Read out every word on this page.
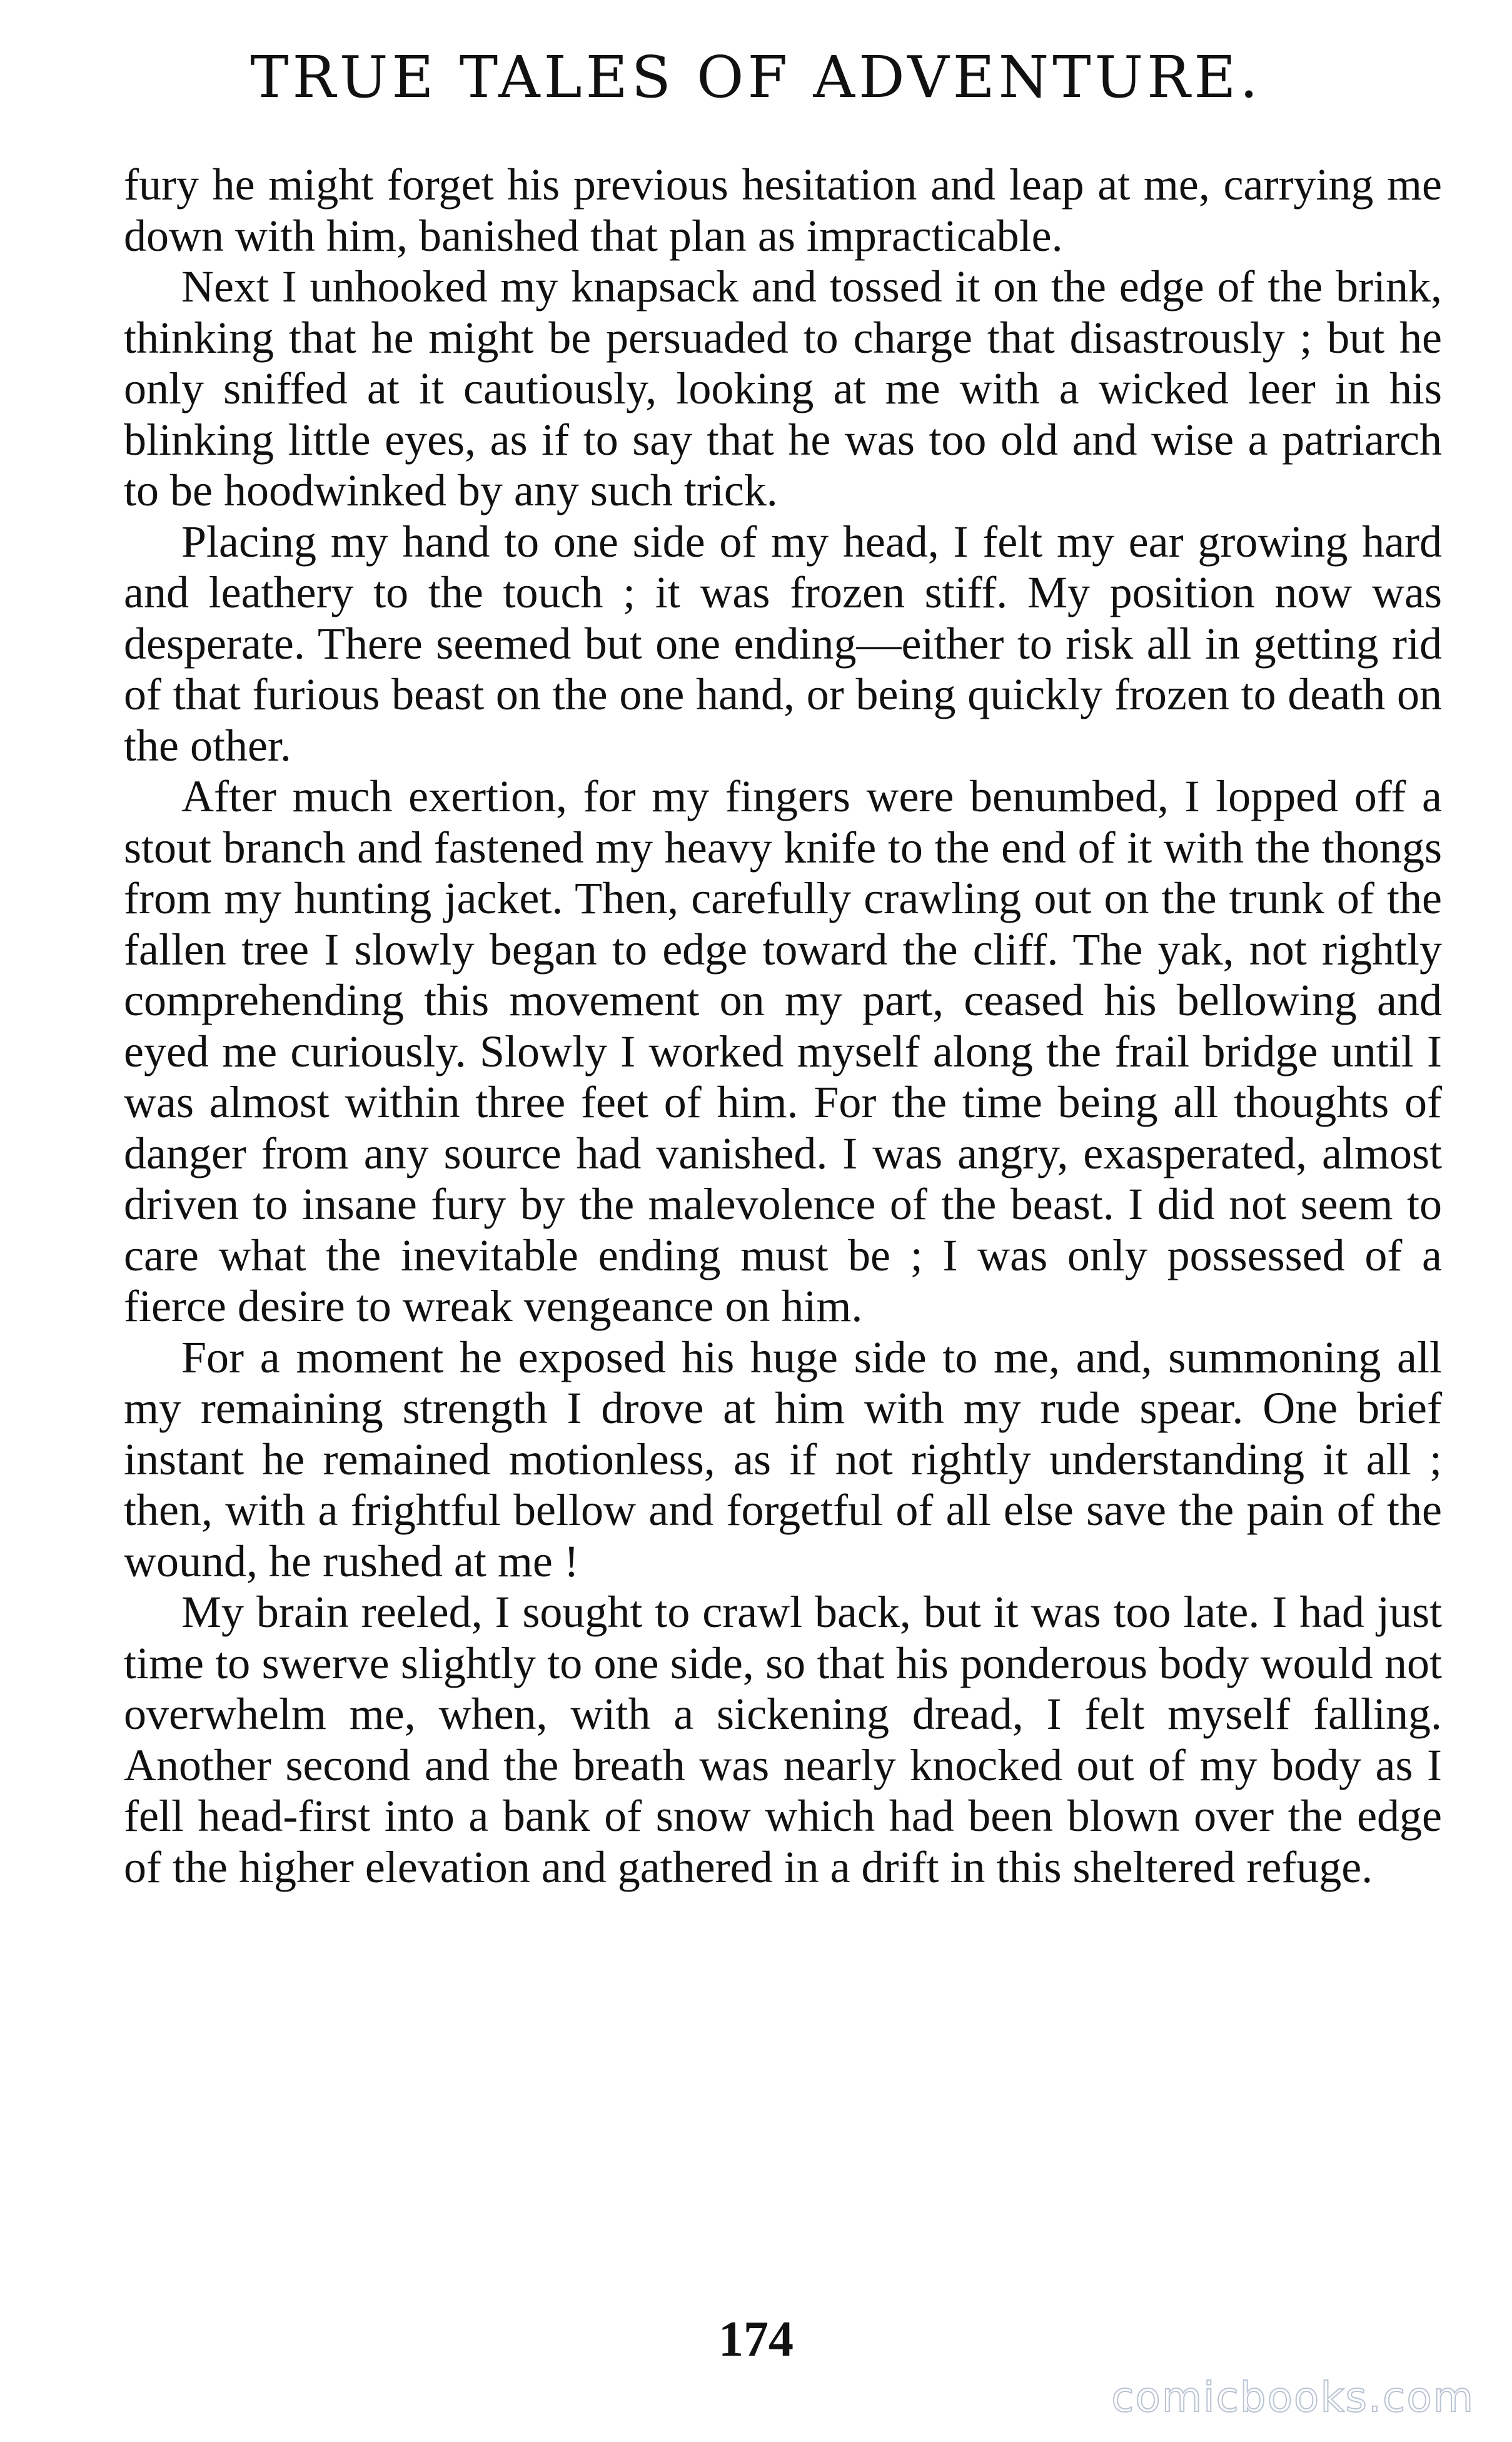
TRUE TALES OF ADVENTURE.

fury he might forget his previous hesitation and leap at me, carrying me down with him, banished that plan as impracticable.

Next I unhooked my knapsack and tossed it on the edge of the brink, thinking that he might be persuaded to charge that disastrously ; but he only sniffed at it cautiously, looking at me with a wicked leer in his blinking little eyes, as if to say that he was too old and wise a patriarch to be hoodwinked by any such trick.

Placing my hand to one side of my head, I felt my ear growing hard and leathery to the touch ; it was frozen stiff. My position now was desperate. There seemed but one ending—either to risk all in getting rid of that furious beast on the one hand, or being quickly frozen to death on the other.

After much exertion, for my fingers were benumbed, I lopped off a stout branch and fastened my heavy knife to the end of it with the thongs from my hunting jacket. Then, carefully crawling out on the trunk of the fallen tree I slowly began to edge toward the cliff. The yak, not rightly comprehending this movement on my part, ceased his bellowing and eyed me curiously. Slowly I worked myself along the frail bridge until I was almost within three feet of him. For the time being all thoughts of danger from any source had vanished. I was angry, exasperated, almost driven to insane fury by the malevolence of the beast. I did not seem to care what the inevitable ending must be ; I was only possessed of a fierce desire to wreak vengeance on him.

For a moment he exposed his huge side to me, and, summoning all my remaining strength I drove at him with my rude spear. One brief instant he remained motionless, as if not rightly understanding it all ; then, with a frightful bellow and forgetful of all else save the pain of the wound, he rushed at me !

My brain reeled, I sought to crawl back, but it was too late. I had just time to swerve slightly to one side, so that his ponderous body would not overwhelm me, when, with a sickening dread, I felt myself falling. Another second and the breath was nearly knocked out of my body as I fell head-first into a bank of snow which had been blown over the edge of the higher elevation and gathered in a drift in this sheltered refuge.

174
comicbooks.com
